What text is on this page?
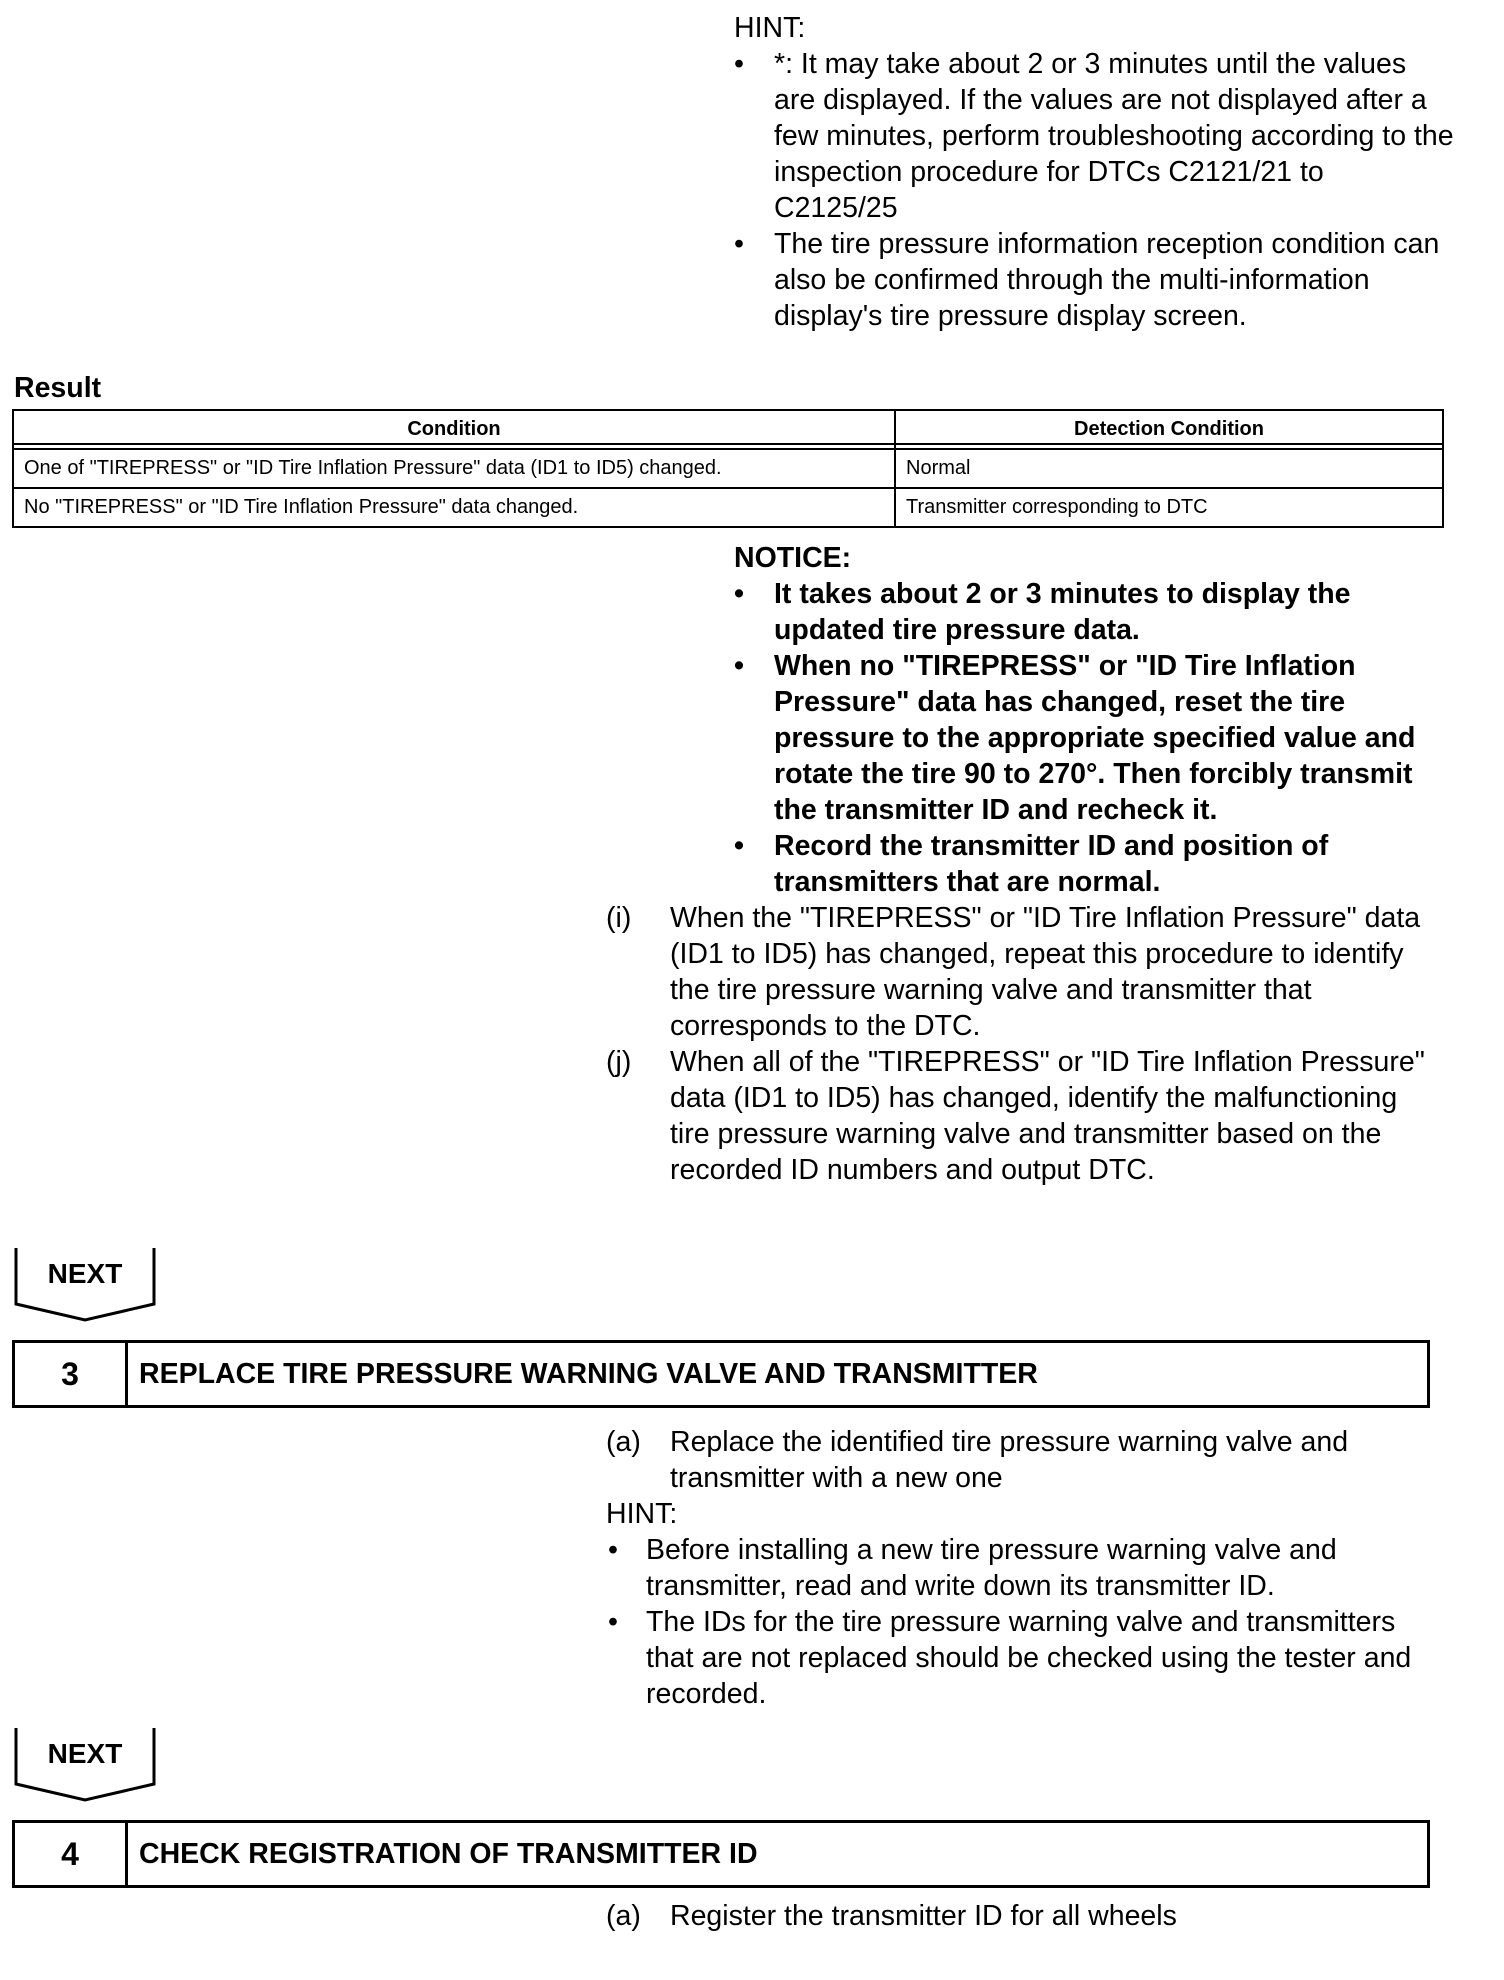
HINT:
• *: It may take about 2 or 3 minutes until the values are displayed. If the values are not displayed after a few minutes, perform troubleshooting according to the inspection procedure for DTCs C2121/21 to C2125/25
• The tire pressure information reception condition can also be confirmed through the multi-information display's tire pressure display screen.
Result
Condition	Detection Condition
One of "TIREPRESS" or "ID Tire Inflation Pressure" data (ID1 to ID5) changed.	Normal
No "TIREPRESS" or "ID Tire Inflation Pressure" data changed.	Transmitter corresponding to DTC
NOTICE:
• It takes about 2 or 3 minutes to display the updated tire pressure data.
• When no "TIREPRESS" or "ID Tire Inflation Pressure" data has changed, reset the tire pressure to the appropriate specified value and rotate the tire 90 to 270°. Then forcibly transmit the transmitter ID and recheck it.
• Record the transmitter ID and position of transmitters that are normal.
(i) When the "TIREPRESS" or "ID Tire Inflation Pressure" data (ID1 to ID5) has changed, repeat this procedure to identify the tire pressure warning valve and transmitter that corresponds to the DTC.
(j) When all of the "TIREPRESS" or "ID Tire Inflation Pressure" data (ID1 to ID5) has changed, identify the malfunctioning tire pressure warning valve and transmitter based on the recorded ID numbers and output DTC.
NEXT
3	REPLACE TIRE PRESSURE WARNING VALVE AND TRANSMITTER
(a) Replace the identified tire pressure warning valve and transmitter with a new one
HINT:
• Before installing a new tire pressure warning valve and transmitter, read and write down its transmitter ID.
• The IDs for the tire pressure warning valve and transmitters that are not replaced should be checked using the tester and recorded.
NEXT
4	CHECK REGISTRATION OF TRANSMITTER ID
(a) Register the transmitter ID for all wheels
